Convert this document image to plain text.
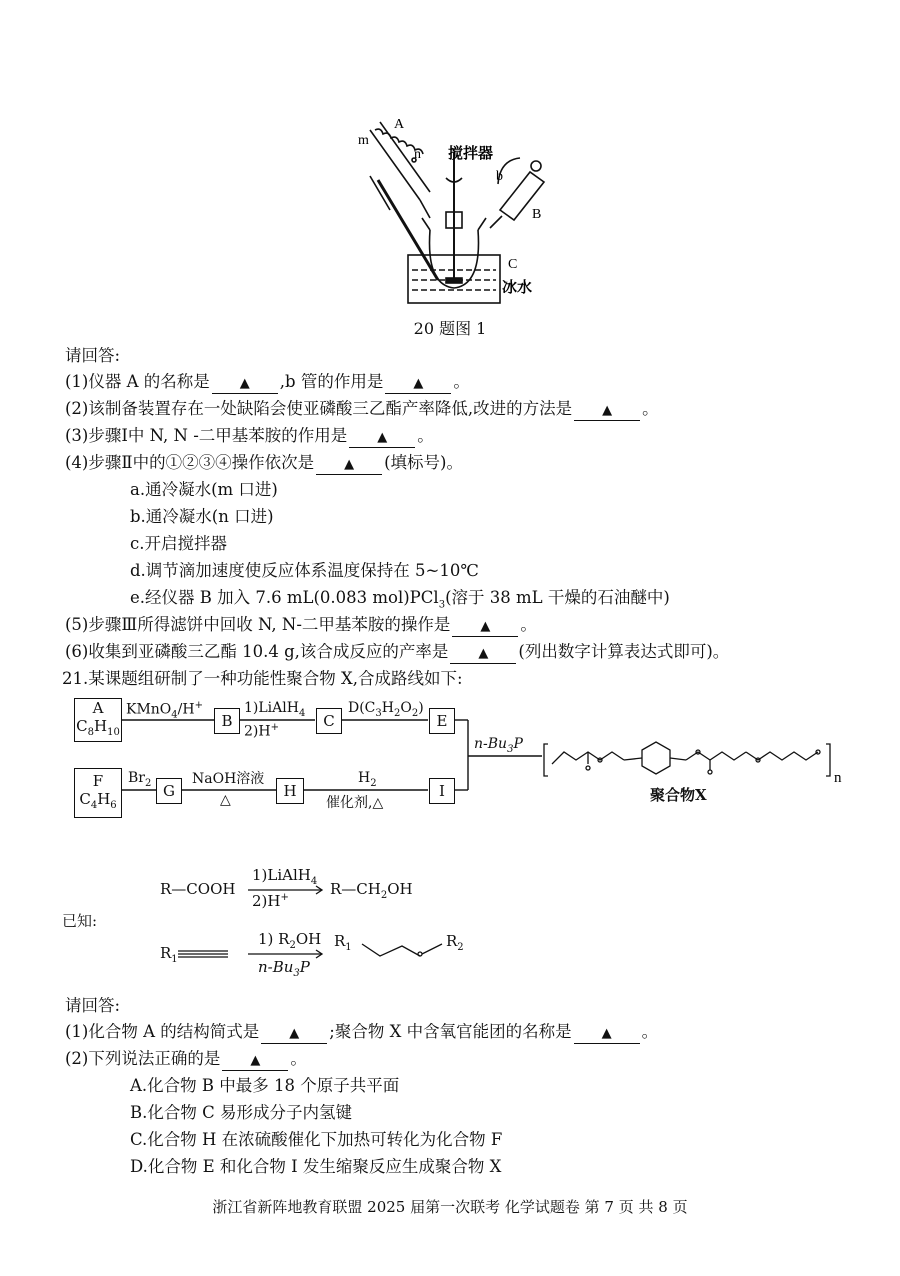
m
A
n 搅拌器
b
B
C
冰水
20 题图 1
请回答:
(1)仪器 A 的名称是 ▲ ,b 管的作用是 ▲ 。
(2)该制备装置存在一处缺陷会使亚磷酸三乙酯产率降低,改进的方法是 ▲ 。
(3)步骤Ⅰ中 N, N -二甲基苯胺的作用是 ▲ 。
(4)步骤Ⅱ中的①②③④操作依次是 ▲ (填标号)。
a.通冷凝水(m 口进)
b.通冷凝水(n 口进)
c.开启搅拌器
d.调节滴加速度使反应体系温度保持在 5~10℃
e.经仪器 B 加入 7.6 mL(0.083 mol)PCl$_3$(溶于 38 mL 干燥的石油醚中)
(5)步骤Ⅲ所得滤饼中回收 N, N-二甲基苯胺的操作是 ▲ 。
(6)收集到亚磷酸三乙酯 10.4 g,该合成反应的产率是 ▲ (列出数字计算表达式即可)。
21.某课题组研制了一种功能性聚合物 X,合成路线如下:
A
$C_8H_{10}$
KMnO$_4$/H+
B
1)LiAlH$_4$
2)H+	C
$D(C_3H_2O_2)$
E
F
$C_4H_6$
$Br_2$ G
NaOH溶液
△	H
$H_2$
催化剂,△
I
$n-Bu_3P$
n
聚合物X
已知:
R—COOH
1)LiAlH$_4$
2)H+	$R—CH_2OH$
$R_1$
1) $R_2OH$
$n-Bu_3P$
$R_1$	$R_2$
请回答:
(1)化合物 A 的结构简式是 ▲ ;聚合物 X 中含氧官能团的名称是 ▲ 。
(2)下列说法正确的是 ▲ 。
A.化合物 B 中最多 18 个原子共平面
B.化合物 C 易形成分子内氢键
C.化合物 H 在浓硫酸催化下加热可转化为化合物 F
D.化合物 E 和化合物 I 发生缩聚反应生成聚合物 X
浙江省新阵地教育联盟 2025 届第一次联考 化学试题卷 第 7 页 共 8 页
